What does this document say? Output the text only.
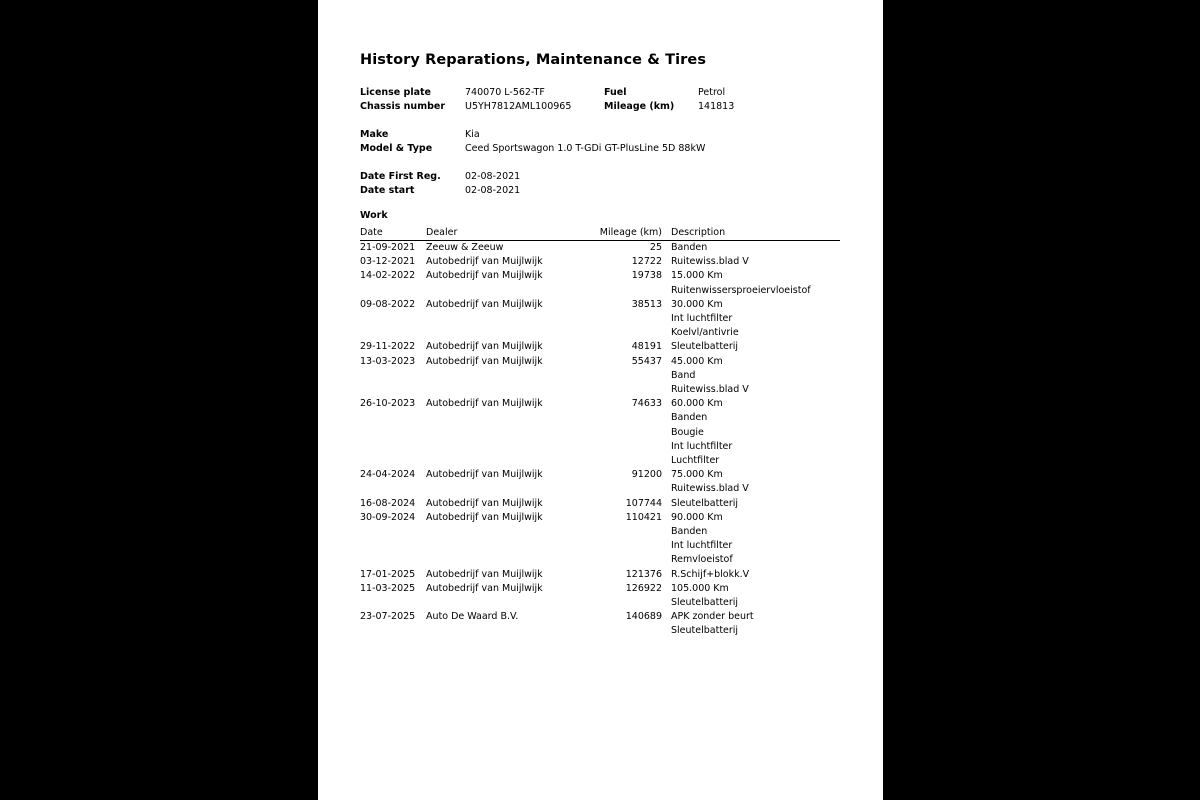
History Reparations, Maintenance & Tires
License plate	740070 L-562-TF	Fuel	Petrol
Chassis number U5YH7812AML100965	Mileage (km) 141813
Make	Kia
Model & Type	Ceed Sportswagon 1.0 T-GDi GT-PlusLine 5D 88kW
Date First Reg.	02-08-2021
Date start	02-08-2021
Work
Date	Dealer	Mileage (km) Description
21-09-2021 Zeeuw & Zeeuw	25 Banden
03-12-2021 Autobedrijf van Muijlwijk	12722 Ruitewiss.blad V
14-02-2022 Autobedrijf van Muijlwijk	19738 15.000 Km
Ruitenwissersproeiervloeistof
09-08-2022 Autobedrijf van Muijlwijk	38513 30.000 Km
Int luchtfilter
Koelvl/antivrie
29-11-2022 Autobedrijf van Muijlwijk	48191 Sleutelbatterij
13-03-2023 Autobedrijf van Muijlwijk	55437 45.000 Km
Band
Ruitewiss.blad V
26-10-2023 Autobedrijf van Muijlwijk	74633 60.000 Km
Banden
Bougie
Int luchtfilter
Luchtfilter
24-04-2024 Autobedrijf van Muijlwijk	91200 75.000 Km
Ruitewiss.blad V
16-08-2024 Autobedrijf van Muijlwijk	107744 Sleutelbatterij
30-09-2024 Autobedrijf van Muijlwijk	110421 90.000 Km
Banden
Int luchtfilter
Remvloeistof
17-01-2025 Autobedrijf van Muijlwijk	121376 R.Schijf+blokk.V
11-03-2025 Autobedrijf van Muijlwijk	126922 105.000 Km
Sleutelbatterij
23-07-2025 Auto De Waard B.V.	140689 APK zonder beurt
Sleutelbatterij
